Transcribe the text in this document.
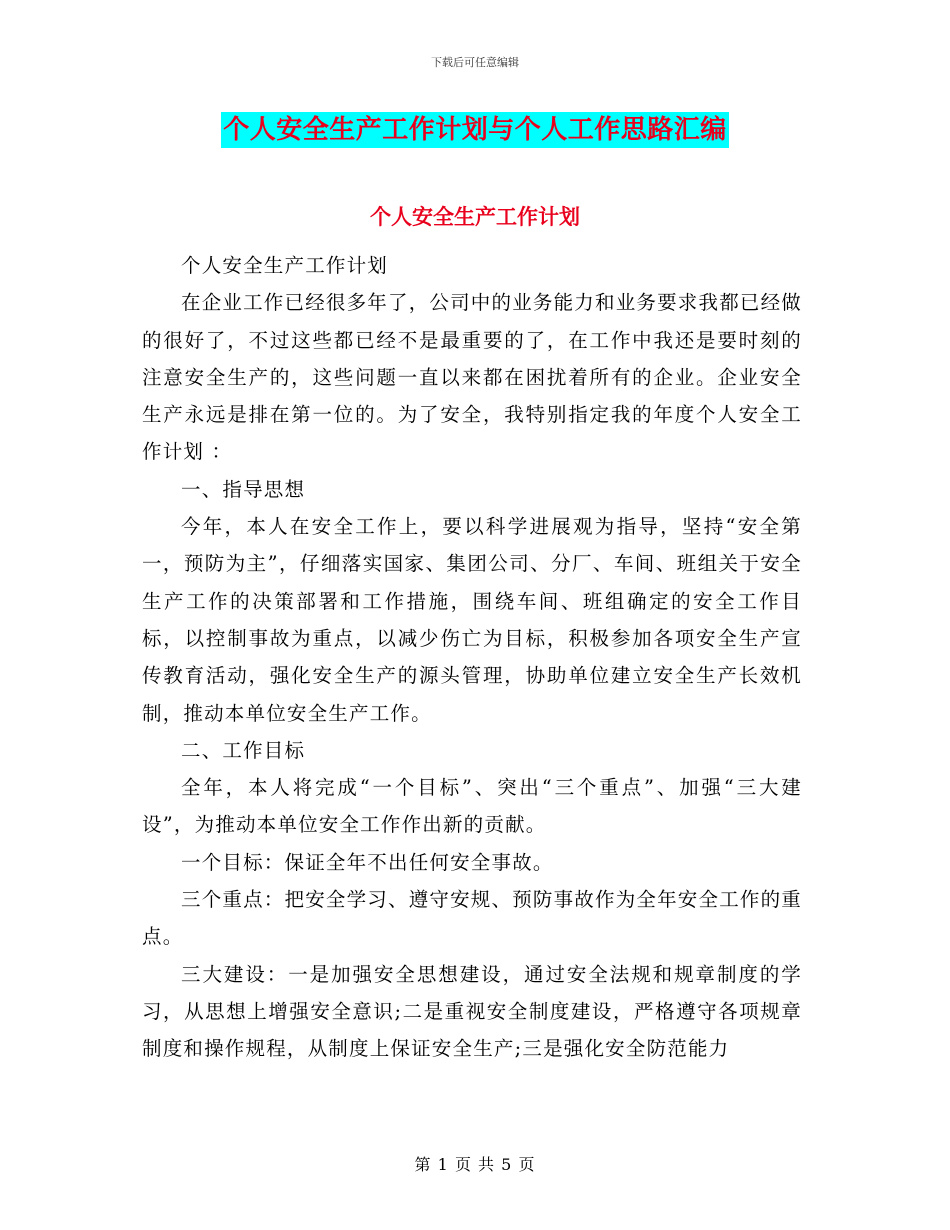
下载后可任意编辑
个人安全生产工作计划与个人工作思路汇编
个人安全生产工作计划

个人安全生产工作计划

在企业工作已经很多年了，公司中的业务能力和业务要求我都已经做的很好了，不过这些都已经不是最重要的了，在工作中我还是要时刻的注意安全生产的，这些问题一直以来都在困扰着所有的企业。企业安全生产永远是排在第一位的。为了安全，我特别指定我的年度个人安全工作计划 ：

一、指导思想

今年，本人在安全工作上，要以科学进展观为指导，坚持“安全第一，预防为主”，仔细落实国家、集团公司、分厂、车间、班组关于安全生产工作的决策部署和工作措施，围绕车间、班组确定的安全工作目标，以控制事故为重点，以减少伤亡为目标，积极参加各项安全生产宣传教育活动，强化安全生产的源头管理，协助单位建立安全生产长效机制，推动本单位安全生产工作。

二、工作目标

全年，本人将完成“一个目标”、突出“三个重点”、加强“三大建设”，为推动本单位安全工作作出新的贡献。

一个目标：保证全年不出任何安全事故。

三个重点：把安全学习、遵守安规、预防事故作为全年安全工作的重点。

三大建设：一是加强安全思想建设，通过安全法规和规章制度的学习，从思想上增强安全意识;二是重视安全制度建设，严格遵守各项规章制度和操作规程，从制度上保证安全生产;三是强化安全防范能力

第 1 页 共 5 页
